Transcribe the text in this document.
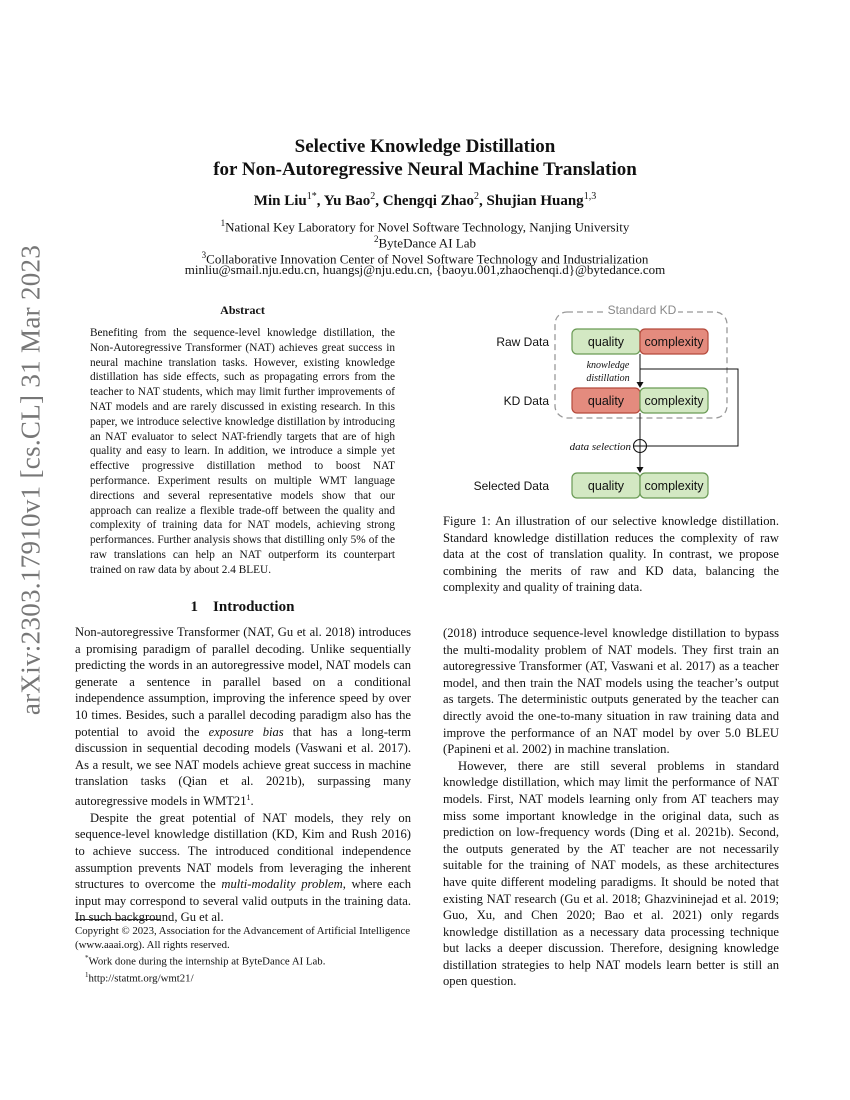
arXiv:2303.17910v1 [cs.CL] 31 Mar 2023
Selective Knowledge Distillation
for Non-Autoregressive Neural Machine Translation
Min Liu$^{1*}$, Yu Bao$^2$, Chengqi Zhao$^2$, Shujian Huang$^{1,3}$
$^1$National Key Laboratory for Novel Software Technology, Nanjing University
$^2$ByteDance AI Lab
$^3$Collaborative Innovation Center of Novel Software Technology and Industrialization
minliu@smail.nju.edu.cn, huangsj@nju.edu.cn, {baoyu.001,zhaochenqi.d}@bytedance.com
Abstract
Benefiting from the sequence-level knowledge distillation, the Non-Autoregressive Transformer (NAT) achieves great success in neural machine translation tasks. However, existing knowledge distillation has side effects, such as propagating errors from the teacher to NAT students, which may limit further improvements of NAT models and are rarely discussed in existing research. In this paper, we introduce selective knowledge distillation by introducing an NAT evaluator to select NAT-friendly targets that are of high quality and easy to learn. In addition, we introduce a simple yet effective progressive distillation method to boost NAT performance. Experiment results on multiple WMT language directions and several representative models show that our approach can realize a flexible trade-off between the quality and complexity of training data for NAT models, achieving strong performances. Further analysis shows that distilling only 5% of the raw translations can help an NAT outperform its counterpart trained on raw data by about 2.4 BLEU.
1 Introduction

Non-autoregressive Transformer (NAT, Gu et al. 2018) introduces a promising paradigm of parallel decoding. Unlike sequentially predicting the words in an autoregressive model, NAT models can generate a sentence in parallel based on a conditional independence assumption, improving the inference speed by over 10 times. Besides, such a parallel decoding paradigm also has the potential to avoid the exposure bias that has a long-term discussion in sequential decoding models (Vaswani et al. 2017). As a result, we see NAT models achieve great success in machine translation tasks (Qian et al. 2021b), surpassing many autoregressive models in $WMT21^1$.

Despite the great potential of NAT models, they rely on sequence-level knowledge distillation (KD, Kim and Rush 2016) to achieve success. The introduced conditional independence assumption prevents NAT models from leveraging the inherent structures to overcome the multi-modality problem, where each input may correspond to several valid outputs in the training data. In such background, Gu et al.

Copyright © 2023, Association for the Advancement of Artificial Intelligence (www.aaai.org). All rights reserved.
*Work done during the internship at ByteDance AI Lab.
$^1$http://statmt.org/wmt21/
Standard KD
Raw Data
KD Data
Selected Data
quality complexity
quality complexity
quality complexity
knowledge
distillation
data selection
Figure 1: An illustration of our selective knowledge distillation. Standard knowledge distillation reduces the complexity of raw data at the cost of translation quality. In contrast, we propose combining the merits of raw and KD data, balancing the complexity and quality of training data.

(2018) introduce sequence-level knowledge distillation to bypass the multi-modality problem of NAT models. They first train an autoregressive Transformer (AT, Vaswani et al. 2017) as a teacher model, and then train the NAT models using the teacher’s output as targets. The deterministic outputs generated by the teacher can directly avoid the one-to-many situation in raw training data and improve the performance of an NAT model by over 5.0 BLEU (Papineni et al. 2002) in machine translation.

However, there are still several problems in standard knowledge distillation, which may limit the performance of NAT models. First, NAT models learning only from AT teachers may miss some important knowledge in the original data, such as prediction on low-frequency words (Ding et al. 2021b). Second, the outputs generated by the AT teacher are not necessarily suitable for the training of NAT models, as these architectures have quite different modeling paradigms. It should be noted that existing NAT research (Gu et al. 2018; Ghazvininejad et al. 2019; Guo, Xu, and Chen 2020; Bao et al. 2021) only regards knowledge distillation as a necessary data processing technique but lacks a deeper discussion. Therefore, designing knowledge distillation strategies to help NAT models learn better is still an open question.
